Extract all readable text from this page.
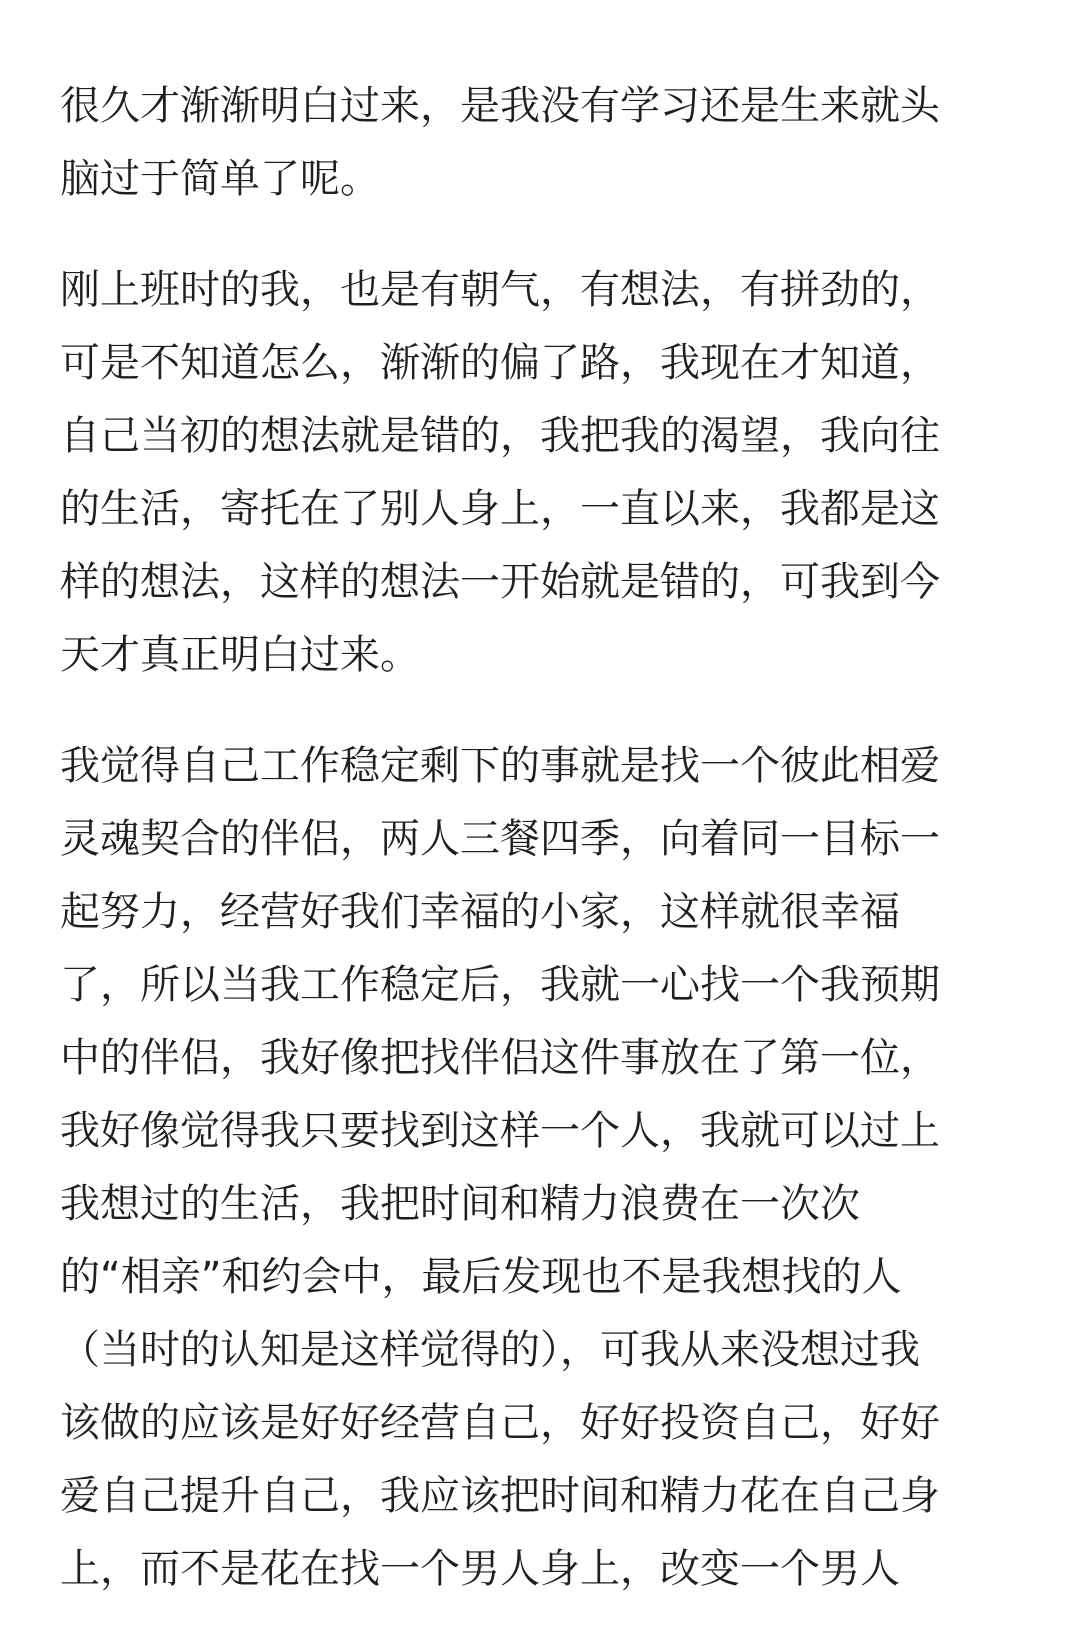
很久才渐渐明白过来，是我没有学习还是生来就头
脑过于简单了呢。

刚上班时的我，也是有朝气，有想法，有拼劲的，
可是不知道怎么，渐渐的偏了路，我现在才知道，
自己当初的想法就是错的，我把我的渴望，我向往
的生活，寄托在了别人身上，一直以来，我都是这
样的想法，这样的想法一开始就是错的，可我到今
天才真正明白过来。

我觉得自己工作稳定剩下的事就是找一个彼此相爱
灵魂契合的伴侣，两人三餐四季，向着同一目标一
起努力，经营好我们幸福的小家，这样就很幸福
了，所以当我工作稳定后，我就一心找一个我预期
中的伴侣，我好像把找伴侣这件事放在了第一位，
我好像觉得我只要找到这样一个人，我就可以过上
我想过的生活，我把时间和精力浪费在一次次
的“相亲”和约会中，最后发现也不是我想找的人
（当时的认知是这样觉得的），可我从来没想过我
该做的应该是好好经营自己，好好投资自己，好好
爱自己提升自己，我应该把时间和精力花在自己身
上，而不是花在找一个男人身上，改变一个男人
